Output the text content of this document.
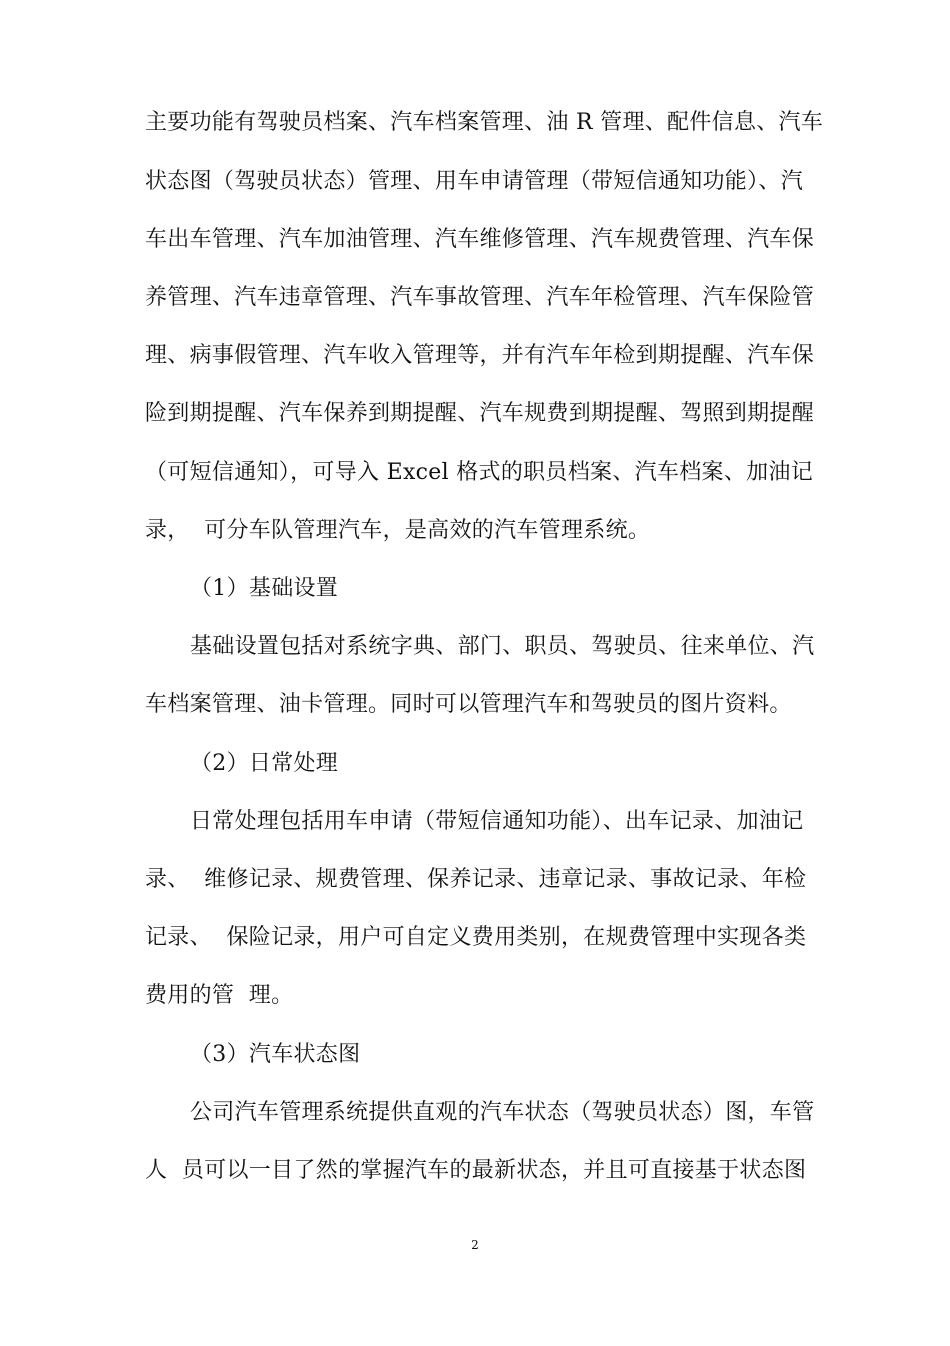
主要功能有驾驶员档案、汽车档案管理、油 R 管理、配件信息、汽车
状态图（驾驶员状态）管理、用车申请管理（带短信通知功能）、汽
车出车管理、汽车加油管理、汽车维修管理、汽车规费管理、汽车保
养管理、汽车违章管理、汽车事故管理、汽车年检管理、汽车保险管
理、病事假管理、汽车收入管理等，并有汽车年检到期提醒、汽车保
险到期提醒、汽车保养到期提醒、汽车规费到期提醒、驾照到期提醒
（可短信通知），可导入 Excel 格式的职员档案、汽车档案、加油记
录，  可分车队管理汽车，是高效的汽车管理系统。
（1）基础设置
基础设置包括对系统字典、部门、职员、驾驶员、往来单位、汽
车档案管理、油卡管理。同时可以管理汽车和驾驶员的图片资料。
（2）日常处理
日常处理包括用车申请（带短信通知功能）、出车记录、加油记
录、  维修记录、规费管理、保养记录、违章记录、事故记录、年检
记录、  保险记录，用户可自定义费用类别，在规费管理中实现各类
费用的管  理。
（3）汽车状态图
公司汽车管理系统提供直观的汽车状态（驾驶员状态）图，车管
人  员可以一目了然的掌握汽车的最新状态，并且可直接基于状态图
2
